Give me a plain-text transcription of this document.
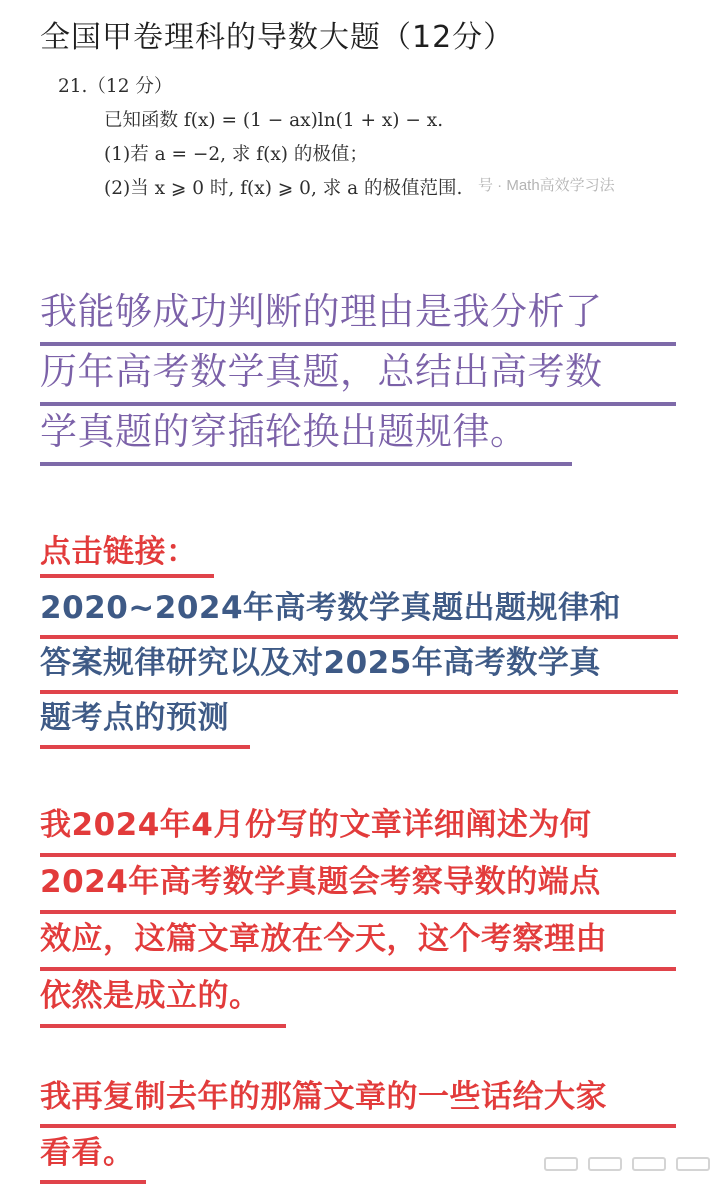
全国甲卷理科的导数大题（12分）
21.（12 分）
已知函数 f(x) = (1 − ax)ln(1 + x) − x.
(1)若 a = −2, 求 f(x) 的极值；
(2)当 x ⩾ 0 时, f(x) ⩾ 0, 求 a 的极值范围. 号 · Math高效学习法
我能够成功判断的理由是我分析了
历年高考数学真题，总结出高考数
学真题的穿插轮换出题规律。
点击链接：
2020~2024年高考数学真题出题规律和
答案规律研究以及对2025年高考数学真
题考点的预测
我2024年4月份写的文章详细阐述为何
2024年高考数学真题会考察导数的端点
效应，这篇文章放在今天，这个考察理由
依然是成立的。
我再复制去年的那篇文章的一些话给大家
看看。
